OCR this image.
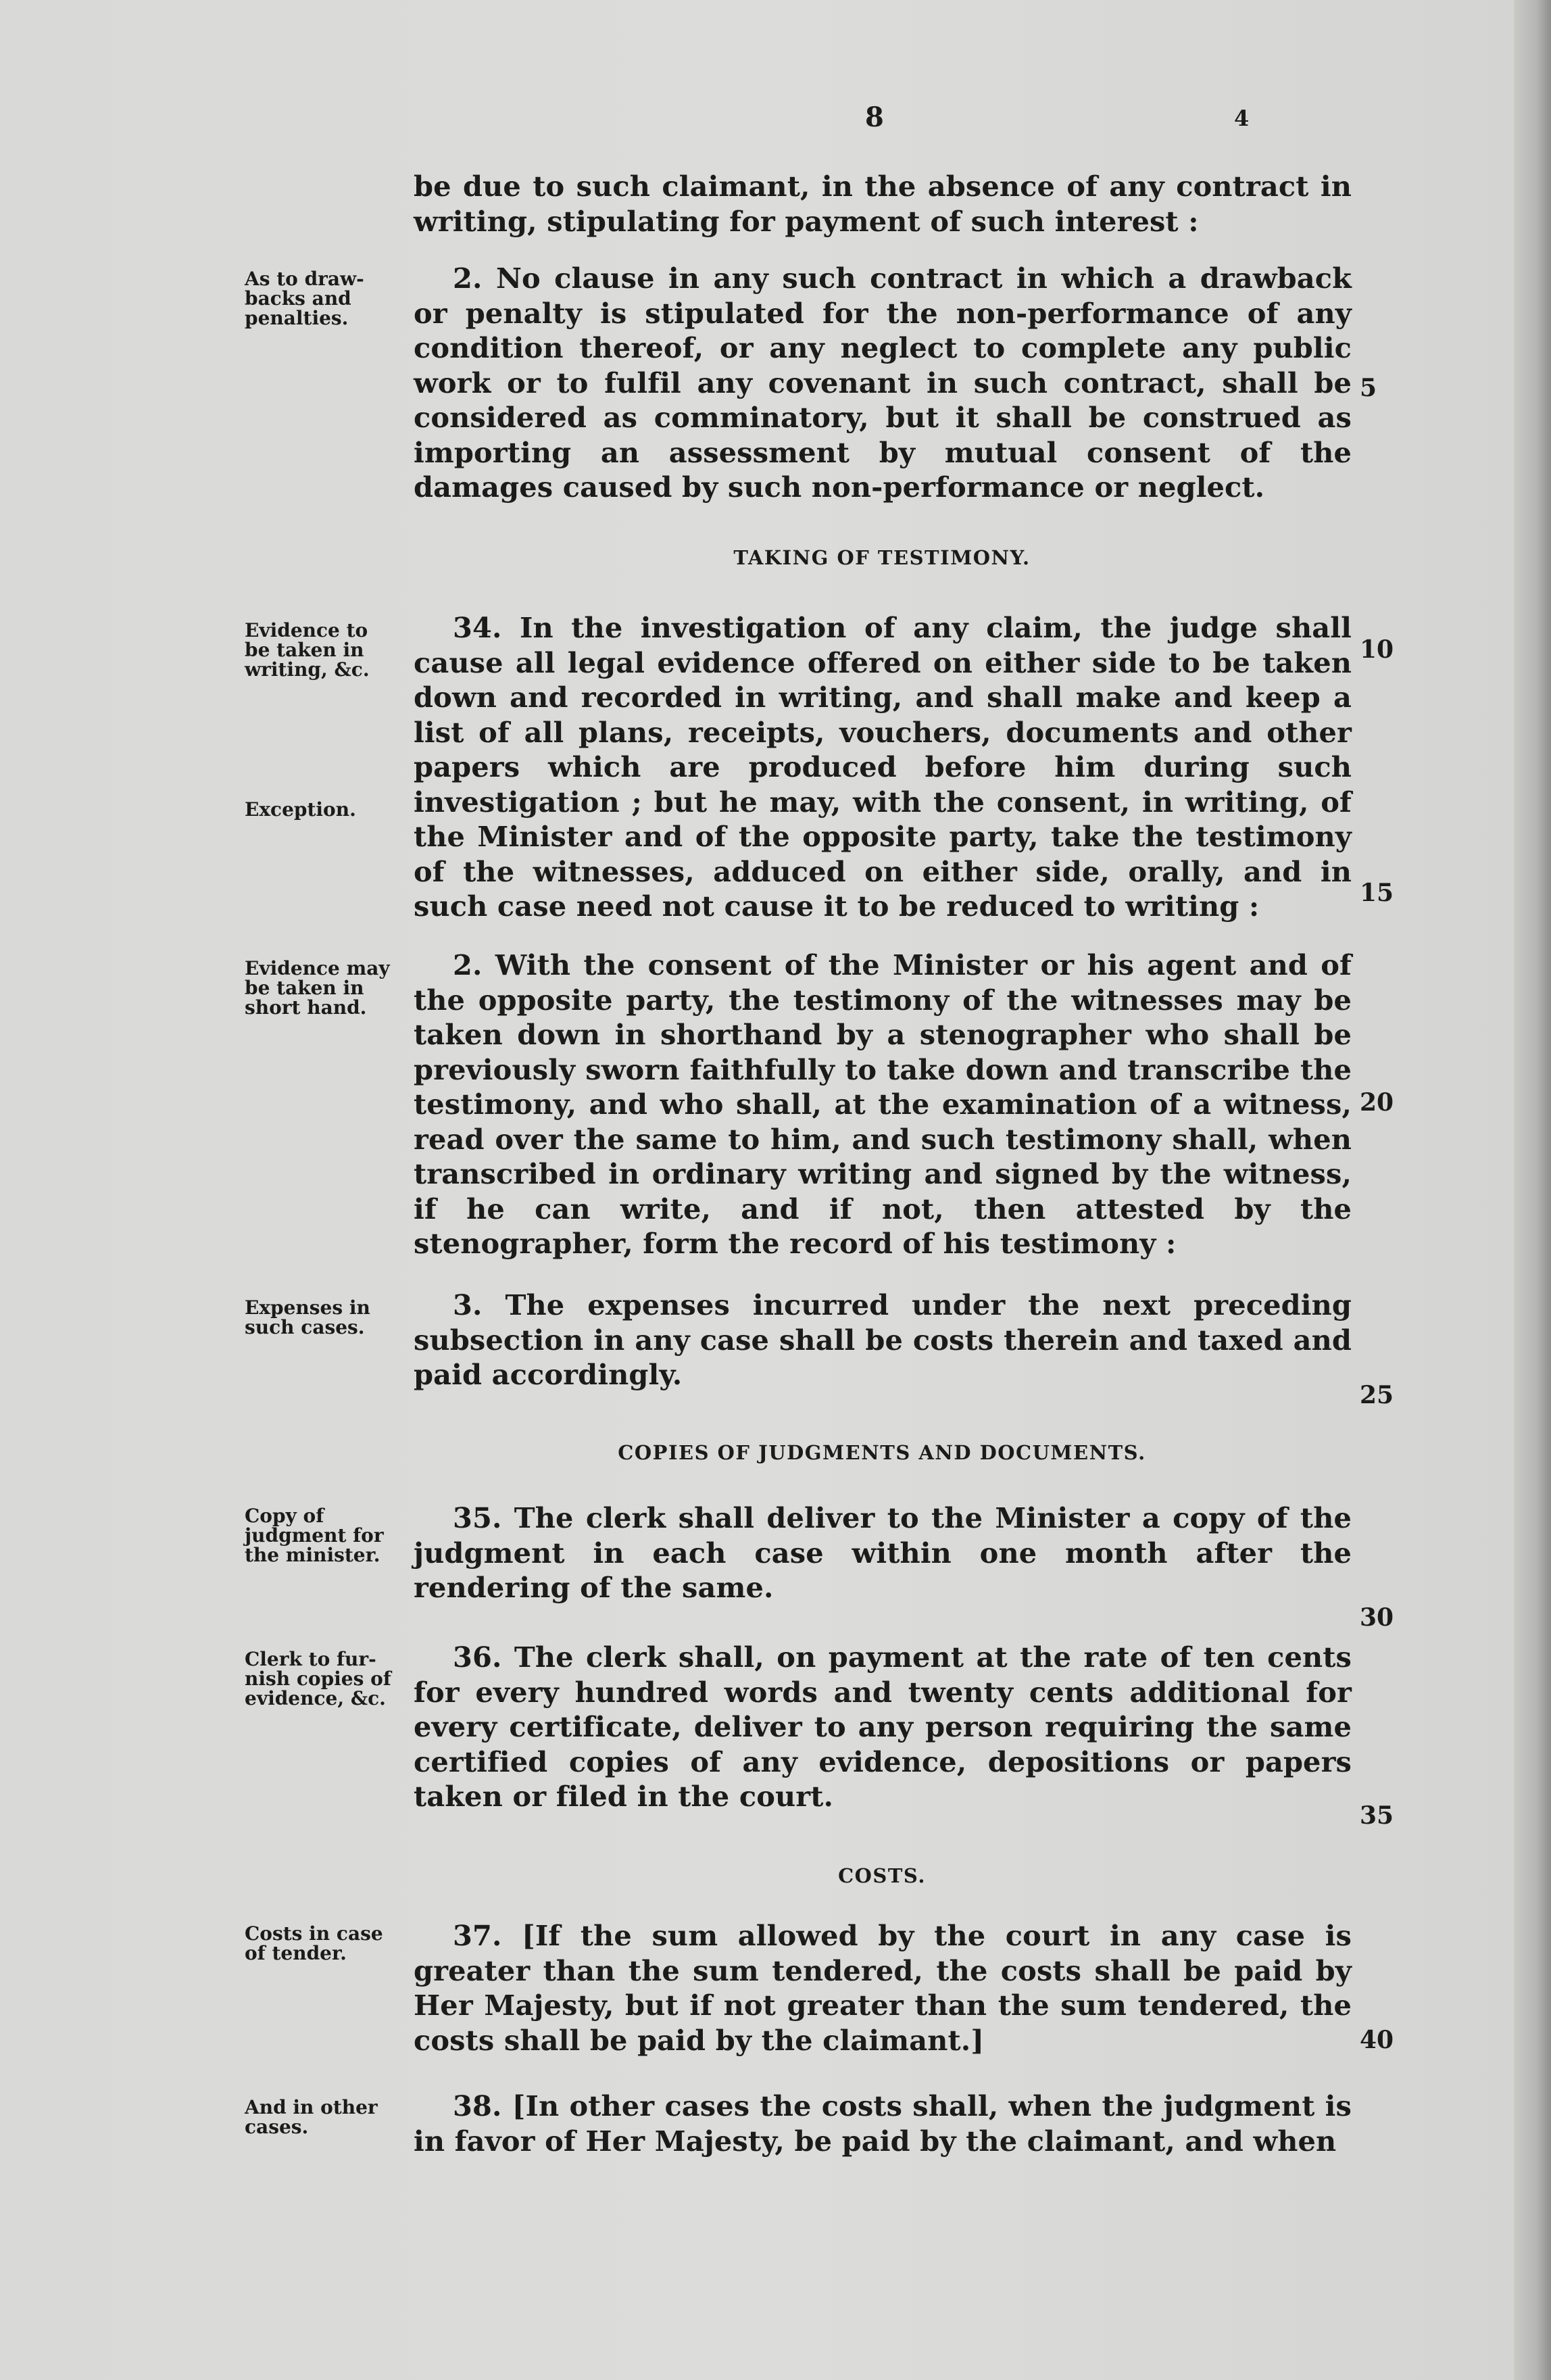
8	4

be due to such claimant, in the absence of any contract in writing, stipulating for payment of such interest :

2. No clause in any such contract in which a drawback or penalty is stipulated for the non-performance of any condition thereof, or any neglect to complete any public work or to fulfil any covenant in such contract, shall be considered as comminatory, but it shall be construed as importing an assessment by mutual consent of the damages caused by such non-performance or neglect.

TAKING OF TESTIMONY.

34. In the investigation of any claim, the judge shall cause all legal evidence offered on either side to be taken down and recorded in writing, and shall make and keep a list of all plans, receipts, vouchers, documents and other papers which are produced before him during such investigation ; but he may, with the consent, in writing, of the Minister and of the opposite party, take the testimony of the witnesses, adduced on either side, orally, and in such case need not cause it to be reduced to writing :

2. With the consent of the Minister or his agent and of the opposite party, the testimony of the witnesses may be taken down in shorthand by a stenographer who shall be previously sworn faithfully to take down and transcribe the testimony, and who shall, at the examination of a witness, read over the same to him, and such testimony shall, when transcribed in ordinary writing and signed by the witness, if he can write, and if not, then attested by the stenographer, form the record of his testimony :

3. The expenses incurred under the next preceding subsection in any case shall be costs therein and taxed and paid accordingly.

COPIES OF JUDGMENTS AND DOCUMENTS.

35. The clerk shall deliver to the Minister a copy of the judgment in each case within one month after the rendering of the same.

36. The clerk shall, on payment at the rate of ten cents for every hundred words and twenty cents additional for every certificate, deliver to any person requiring the same certified copies of any evidence, depositions or papers taken or filed in the court.

COSTS.

37. [If the sum allowed by the court in any case is greater than the sum tendered, the costs shall be paid by Her Majesty, but if not greater than the sum tendered, the costs shall be paid by the claimant.]

38. [In other cases the costs shall, when the judgment is in favor of Her Majesty, be paid by the claimant, and when

As to draw-
backs and
penalties.

Evidence to
be taken in
writing, &c.

Exception.

Evidence may
be taken in
short hand.

Expenses in
such cases.

Copy of
judgment for
the minister.

Clerk to fur-
nish copies of
evidence, &c.

Costs in case
of tender.

And in other
cases.

5

10

15

20

25

30

35

40
